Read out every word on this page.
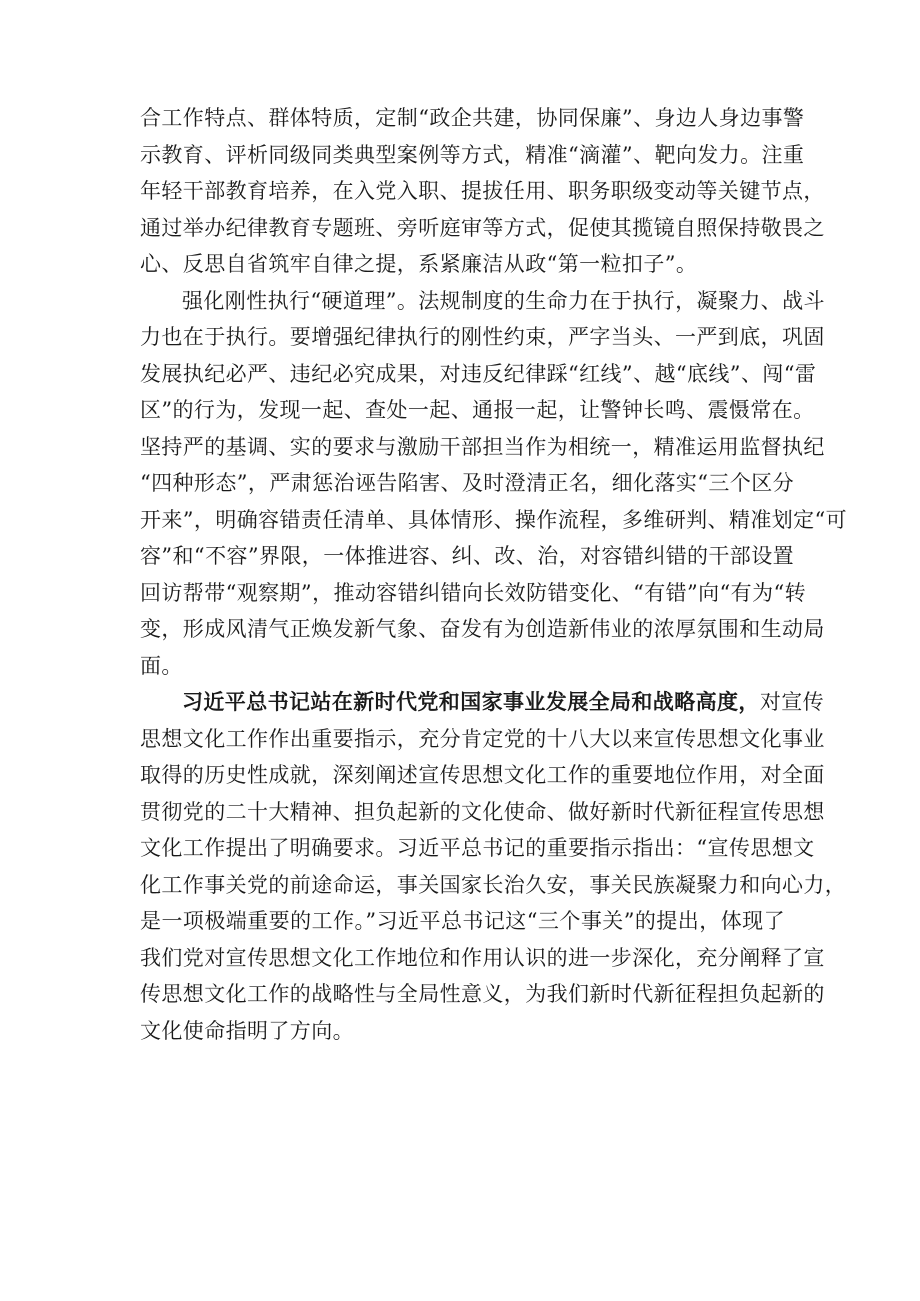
合工作特点、群体特质，定制“政企共建，协同保廉”、身边人身边事警
示教育、评析同级同类典型案例等方式，精准“滴灌”、靶向发力。注重
年轻干部教育培养，在入党入职、提拔任用、职务职级变动等关键节点，
通过举办纪律教育专题班、旁听庭审等方式，促使其揽镜自照保持敬畏之
心、反思自省筑牢自律之提，系紧廉洁从政“第一粒扣子”。
强化刚性执行“硬道理”。法规制度的生命力在于执行，凝聚力、战斗
力也在于执行。要增强纪律执行的刚性约束，严字当头、一严到底，巩固
发展执纪必严、违纪必究成果，对违反纪律踩“红线”、越“底线”、闯“雷
区”的行为，发现一起、查处一起、通报一起，让警钟长鸣、震慑常在。
坚持严的基调、实的要求与激励干部担当作为相统一，精准运用监督执纪
“四种形态”，严肃惩治诬告陷害、及时澄清正名，细化落实“三个区分
开来”，明确容错责任清单、具体情形、操作流程，多维研判、精准划定“可
容”和“不容”界限，一体推进容、纠、改、治，对容错纠错的干部设置
回访帮带“观察期”，推动容错纠错向长效防错变化、“有错”向“有为“转
变，形成风清气正焕发新气象、奋发有为创造新伟业的浓厚氛围和生动局
面。
习近平总书记站在新时代党和国家事业发展全局和战略高度，对宣传
思想文化工作作出重要指示，充分肯定党的十八大以来宣传思想文化事业
取得的历史性成就，深刻阐述宣传思想文化工作的重要地位作用，对全面
贯彻党的二十大精神、担负起新的文化使命、做好新时代新征程宣传思想
文化工作提出了明确要求。习近平总书记的重要指示指出：“宣传思想文
化工作事关党的前途命运，事关国家长治久安，事关民族凝聚力和向心力，
是一项极端重要的工作。”习近平总书记这“三个事关”的提出，体现了
我们党对宣传思想文化工作地位和作用认识的进一步深化，充分阐释了宣
传思想文化工作的战略性与全局性意义，为我们新时代新征程担负起新的
文化使命指明了方向。
